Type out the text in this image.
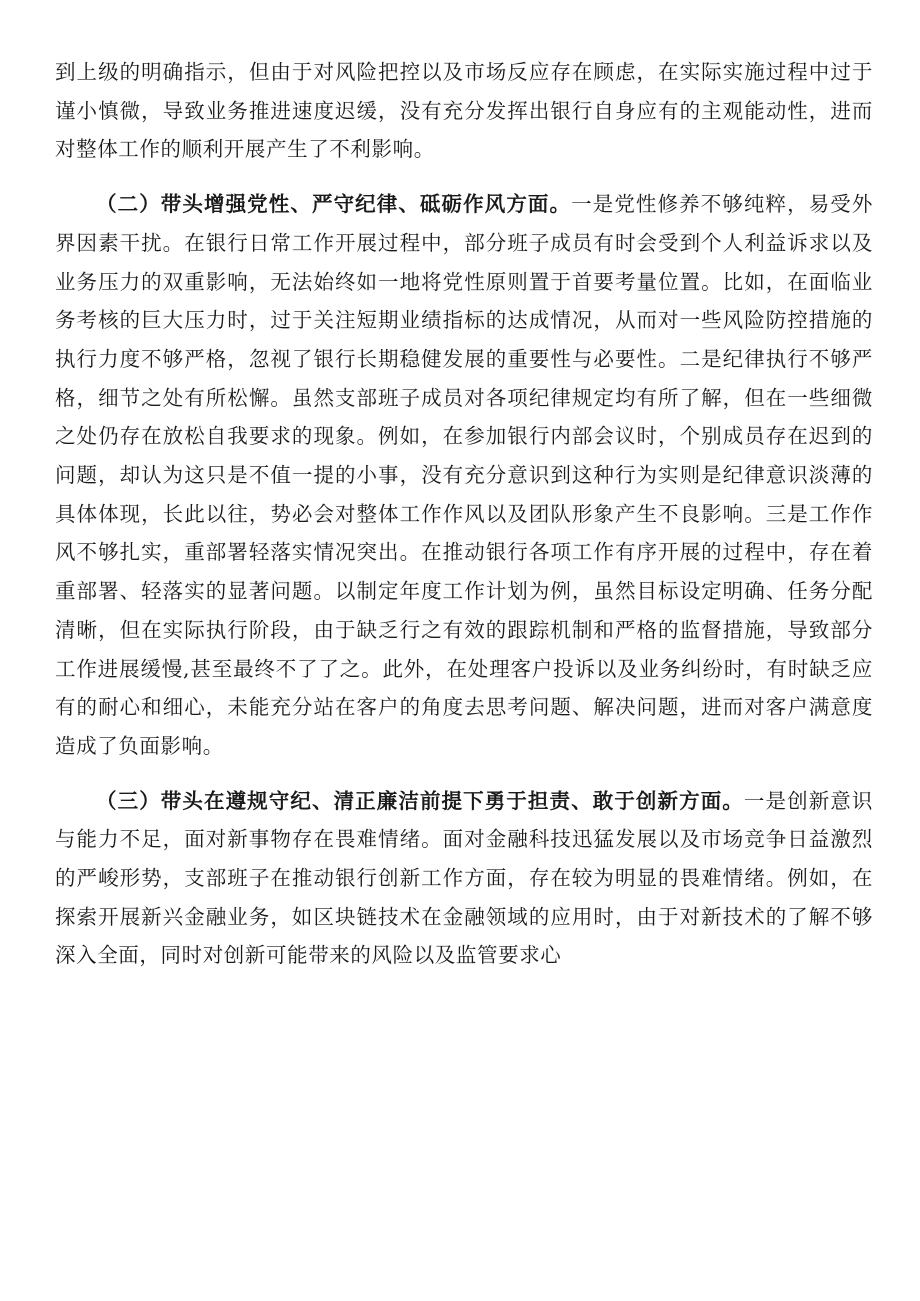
到上级的明确指示，但由于对风险把控以及市场反应存在顾虑，在实际实施过程中过于谨小慎微，导致业务推进速度迟缓，没有充分发挥出银行自身应有的主观能动性，进而对整体工作的顺利开展产生了不利影响。

（二）带头增强党性、严守纪律、砥砺作风方面。一是党性修养不够纯粹，易受外界因素干扰。在银行日常工作开展过程中，部分班子成员有时会受到个人利益诉求以及业务压力的双重影响，无法始终如一地将党性原则置于首要考量位置。比如，在面临业务考核的巨大压力时，过于关注短期业绩指标的达成情况，从而对一些风险防控措施的执行力度不够严格，忽视了银行长期稳健发展的重要性与必要性。二是纪律执行不够严格，细节之处有所松懈。虽然支部班子成员对各项纪律规定均有所了解，但在一些细微之处仍存在放松自我要求的现象。例如，在参加银行内部会议时，个别成员存在迟到的问题，却认为这只是不值一提的小事，没有充分意识到这种行为实则是纪律意识淡薄的具体体现，长此以往，势必会对整体工作作风以及团队形象产生不良影响。三是工作作风不够扎实，重部署轻落实情况突出。在推动银行各项工作有序开展的过程中，存在着重部署、轻落实的显著问题。以制定年度工作计划为例，虽然目标设定明确、任务分配清晰，但在实际执行阶段，由于缺乏行之有效的跟踪机制和严格的监督措施，导致部分工作进展缓慢,甚至最终不了了之。此外，在处理客户投诉以及业务纠纷时，有时缺乏应有的耐心和细心，未能充分站在客户的角度去思考问题、解决问题，进而对客户满意度造成了负面影响。

（三）带头在遵规守纪、清正廉洁前提下勇于担责、敢于创新方面。一是创新意识与能力不足，面对新事物存在畏难情绪。面对金融科技迅猛发展以及市场竞争日益激烈的严峻形势，支部班子在推动银行创新工作方面，存在较为明显的畏难情绪。例如，在探索开展新兴金融业务，如区块链技术在金融领域的应用时，由于对新技术的了解不够深入全面，同时对创新可能带来的风险以及监管要求心
